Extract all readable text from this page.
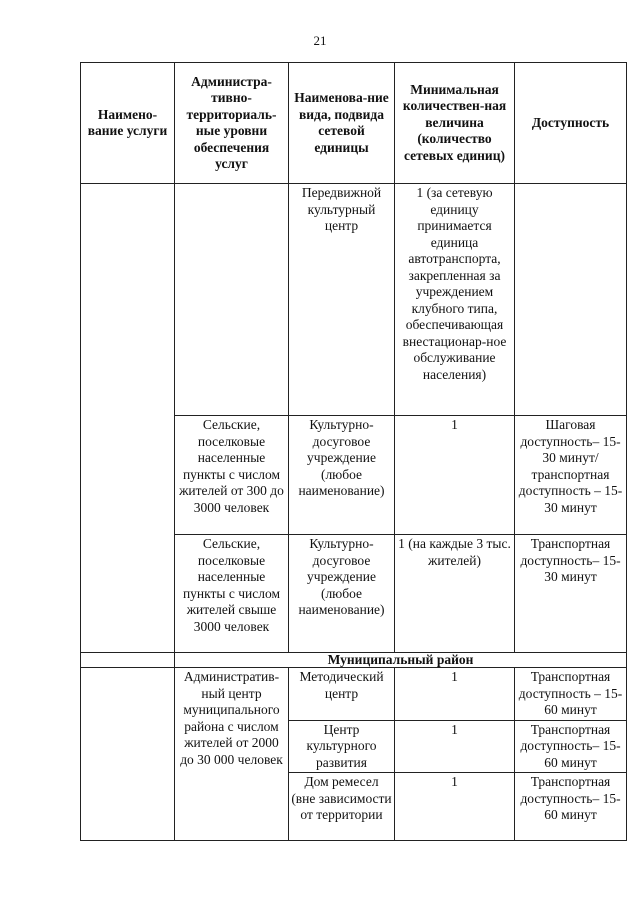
21
Наимено-вание услуги	Администра-тивно-территориаль-ные уровни обеспечения услуг	Наименова-ние вида, подвида сетевой единицы	Минимальная количествен-ная величина (количество сетевых единиц)	Доступность
		Передвижной культурный центр	1 (за сетевую единицу принимается единица автотранспорта, закрепленная за учреждением клубного типа, обеспечивающая внестационар-ное обслуживание населения)	
	Сельские, поселковые населенные пункты с числом жителей от 300 до 3000 человек	Культурно-досуговое учреждение (любое наименование)	1	Шаговая доступность– 15-30 минут/ транспортная доступность – 15-30 минут
	Сельские, поселковые населенные пункты с числом жителей свыше 3000 человек	Культурно-досуговое учреждение (любое наименование)	1 (на каждые 3 тыс. жителей)	Транспортная доступность– 15-30 минут
	Муниципальный район			
	Административ-ный центр муниципального района с числом жителей от 2000 до 30 000 человек	Методический центр	1	Транспортная доступность – 15-60 минут
		Центр культурного развития	1	Транспортная доступность– 15-60 минут
		Дом ремесел (вне зависимости от территории	1	Транспортная доступность– 15-60 минут
